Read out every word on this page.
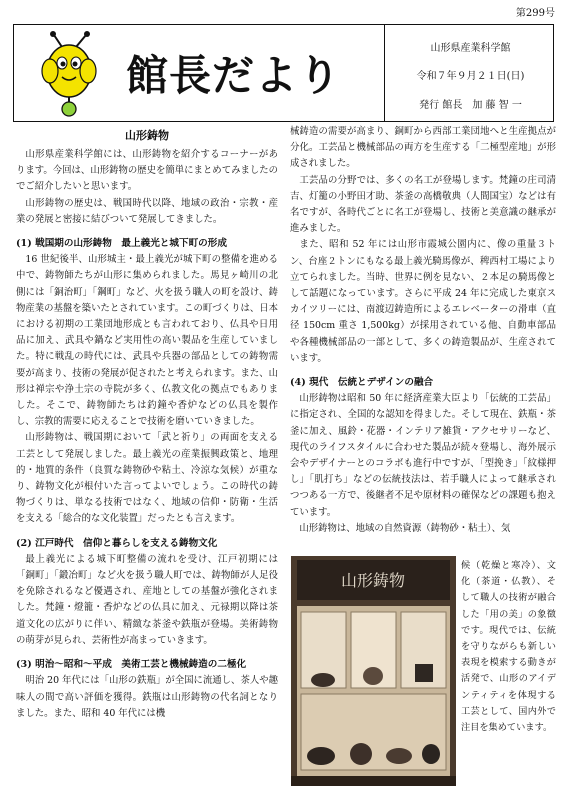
第299号
館長だより
山形県産業科学館
令和７年９月２１日(日)
発行 館長　加 藤 智 一
山形鋳物

山形県産業科学館には、山形鋳物を紹介するコーナーがあります。今回は、山形鋳物の歴史を簡単にまとめてみましたのでご紹介したいと思います。

山形鋳物の歴史は、戦国時代以降、地域の政治・宗教・産業の発展と密接に結びついて発展してきました。

(1) 戦国期の山形鋳物　最上義光と城下町の形成

16 世紀後半、山形城主・最上義光が城下町の整備を進める中で、鋳物師たちが山形に集められました。馬見ヶ崎川の北側には「銅治町」「鋼町」など、火を扱う職人の町を設け、鋳物産業の基盤を築いたとされています。この町づくりは、日本における初期の工業団地形成とも言われており、仏具や日用品に加え、武具や鍋など実用性の高い製品を生産していました。特に戦乱の時代には、武具や兵器の部品としての鋳物需要が高まり、技術の発展が促されたと考えられます。また、山形は禅宗や浄土宗の寺院が多く、仏教文化の拠点でもありました。そこで、鋳物師たちは釣鐘や香炉などの仏具を製作し、宗教的需要に応えることで技術を磨いていきました。

山形鋳物は、戦国期において「武と祈り」の両面を支える工芸として発展しました。最上義光の産業振興政策と、地理的・地質的条件（良質な鋳物砂や粘土、冷涼な気候）が重なり、鋳物文化が根付いた言ってよいでしょう。この時代の鋳物づくりは、単なる技術ではなく、地域の信仰・防衛・生活を支える「総合的な文化装置」だったとも言えます。

(2) 江戸時代　信仰と暮らしを支える鋳物文化

最上義光による城下町整備の流れを受け、江戸初期には「銅町」「鍛冶町」など火を扱う職人町では、鋳物師が人足役を免除されるなど優遇され、産地としての基盤が強化されました。梵鐘・燈籠・香炉などの仏具に加え、元禄期以降は茶道文化の広がりに伴い、精緻な茶釜や鉄瓶が登場。美術鋳物の萌芽が見られ、芸術性が高まっていきます。

(3) 明治～昭和～平成　美術工芸と機械鋳造の二極化

明治 20 年代には「山形の鉄瓶」が全国に流通し、茶人や趣味人の間で高い評価を獲得。鉄瓶は山形鋳物の代名詞となりました。また、昭和 40 年代には機

械鋳造の需要が高まり、銅町から西部工業団地へと生産拠点が分化。工芸品と機械部品の両方を生産する「二極型産地」が形成されました。

工芸品の分野では、多くの名工が登場します。梵鐘の庄司清吉、灯籠の小野田才助、茶釜の高橋敬典（人間国宝）などは有名ですが、各時代ごとに名工が登場し、技術と美意識の継承が進みました。

また、昭和 52 年には山形市霞城公園内に、像の重量３トン、台座２トンにもなる最上義光騎馬像が、稗西村工場により立てられました。当時、世界に例を見ない、２本足の騎馬像として話題になっています。さらに平成 24 年に完成した東京スカイツリーには、南渡辺鋳造所によるエレベーターの滑車（直径 150cm 重さ 1,500kg）が採用されている他、自動車部品や各種機械部品の一部として、多くの鋳造製品が、生産されています。

(4) 現代　伝統とデザインの融合

山形鋳物は昭和 50 年に経済産業大臣より「伝統的工芸品」に指定され、全国的な認知を得ました。そして現在、鉄瓶・茶釜に加え、風鈴・花器・インテリア雑貨・アクセサリーなど、現代のライフスタイルに合わせた製品が続々登場し、海外展示会やデザイナーとのコラボも進行中ですが、「型挽き」「紋様押し」「肌打ち」などの伝統技法は、若手職人によって継承されつつある一方で、後継者不足や原材料の確保などの課題も抱えています。

山形鋳物は、地域の自然資源（鋳物砂・粘土）、気

山形鋳物

候（乾燥と寒冷）、文化（茶道・仏教）、そして職人の技術が融合した「用の美」の象徴です。現代では、伝統を守りながらも新しい表現を模索する動きが活発で、山形のアイデンティティを体現する工芸として、国内外で注目を集めています。
